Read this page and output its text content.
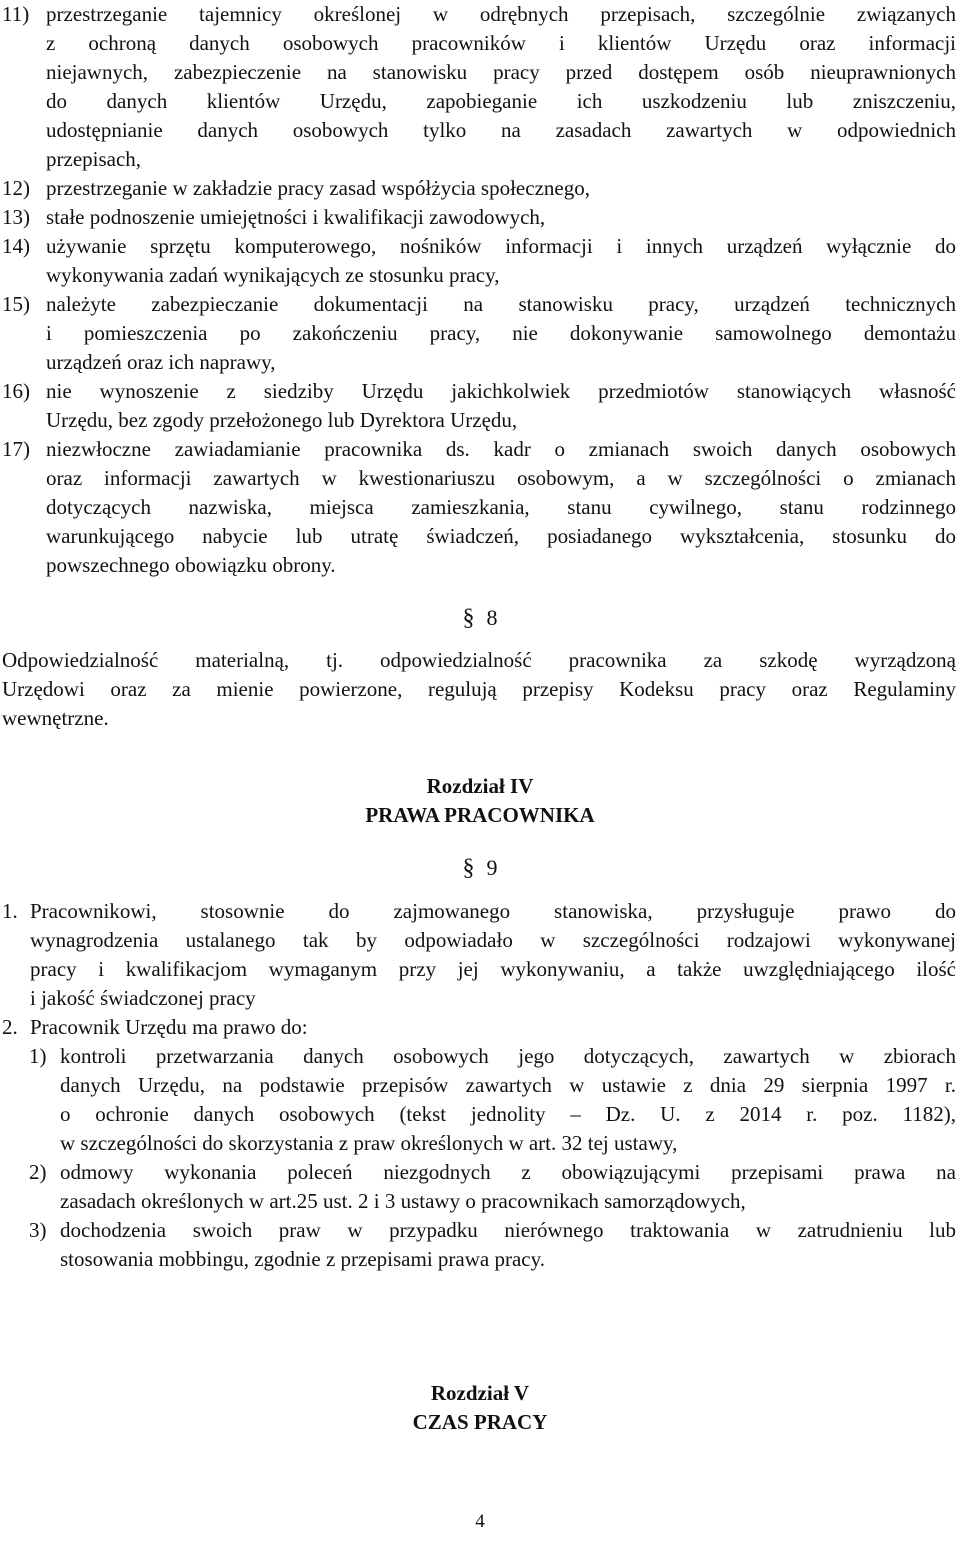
11) przestrzeganie tajemnicy określonej w odrębnych przepisach, szczególnie związanych

z ochroną danych osobowych pracowników i klientów Urzędu oraz informacji

niejawnych, zabezpieczenie na stanowisku pracy przed dostępem osób nieuprawnionych

do danych klientów Urzędu, zapobieganie ich uszkodzeniu lub zniszczeniu,

udostępnianie danych osobowych tylko na zasadach zawartych w odpowiednich

przepisach,

12) przestrzeganie w zakładzie pracy zasad współżycia społecznego,

13) stałe podnoszenie umiejętności i kwalifikacji zawodowych,

14) używanie sprzętu komputerowego, nośników informacji i innych urządzeń wyłącznie do

wykonywania zadań wynikających ze stosunku pracy,

15) należyte zabezpieczanie dokumentacji na stanowisku pracy, urządzeń technicznych

i pomieszczenia po zakończeniu pracy, nie dokonywanie samowolnego demontażu

urządzeń oraz ich naprawy,

16) nie wynoszenie z siedziby Urzędu jakichkolwiek przedmiotów stanowiących własność

Urzędu, bez zgody przełożonego lub Dyrektora Urzędu,

17) niezwłoczne zawiadamianie pracownika ds. kadr o zmianach swoich danych osobowych

oraz informacji zawartych w kwestionariuszu osobowym, a w szczególności o zmianach

dotyczących nazwiska, miejsca zamieszkania, stanu cywilnego, stanu rodzinnego

warunkującego nabycie lub utratę świadczeń, posiadanego wykształcenia, stosunku do

powszechnego obowiązku obrony.

§ 8

Odpowiedzialność materialną, tj. odpowiedzialność pracownika za szkodę wyrządzoną

Urzędowi oraz za mienie powierzone, regulują przepisy Kodeksu pracy oraz Regulaminy

wewnętrzne.

Rozdział IV
PRAWA PRACOWNIKA
§ 9
1. Pracownikowi, stosownie do zajmowanego stanowiska, przysługuje prawo do

wynagrodzenia ustalanego tak by odpowiadało w szczególności rodzajowi wykonywanej

pracy i kwalifikacjom wymaganym przy jej wykonywaniu, a także uwzględniającego ilość

i jakość świadczonej pracy

2. Pracownik Urzędu ma prawo do:

1) kontroli przetwarzania danych osobowych jego dotyczących, zawartych w zbiorach

danych Urzędu, na podstawie przepisów zawartych w ustawie z dnia 29 sierpnia 1997 r.

o ochronie danych osobowych (tekst jednolity – Dz. U. z 2014 r. poz. 1182),

w szczególności do skorzystania z praw określonych w art. 32 tej ustawy,

2) odmowy wykonania poleceń niezgodnych z obowiązującymi przepisami prawa na

zasadach określonych w art.25 ust. 2 i 3 ustawy o pracownikach samorządowych,

3) dochodzenia swoich praw w przypadku nierównego traktowania w zatrudnieniu lub

stosowania mobbingu, zgodnie z przepisami prawa pracy.

Rozdział V
CZAS PRACY
4
